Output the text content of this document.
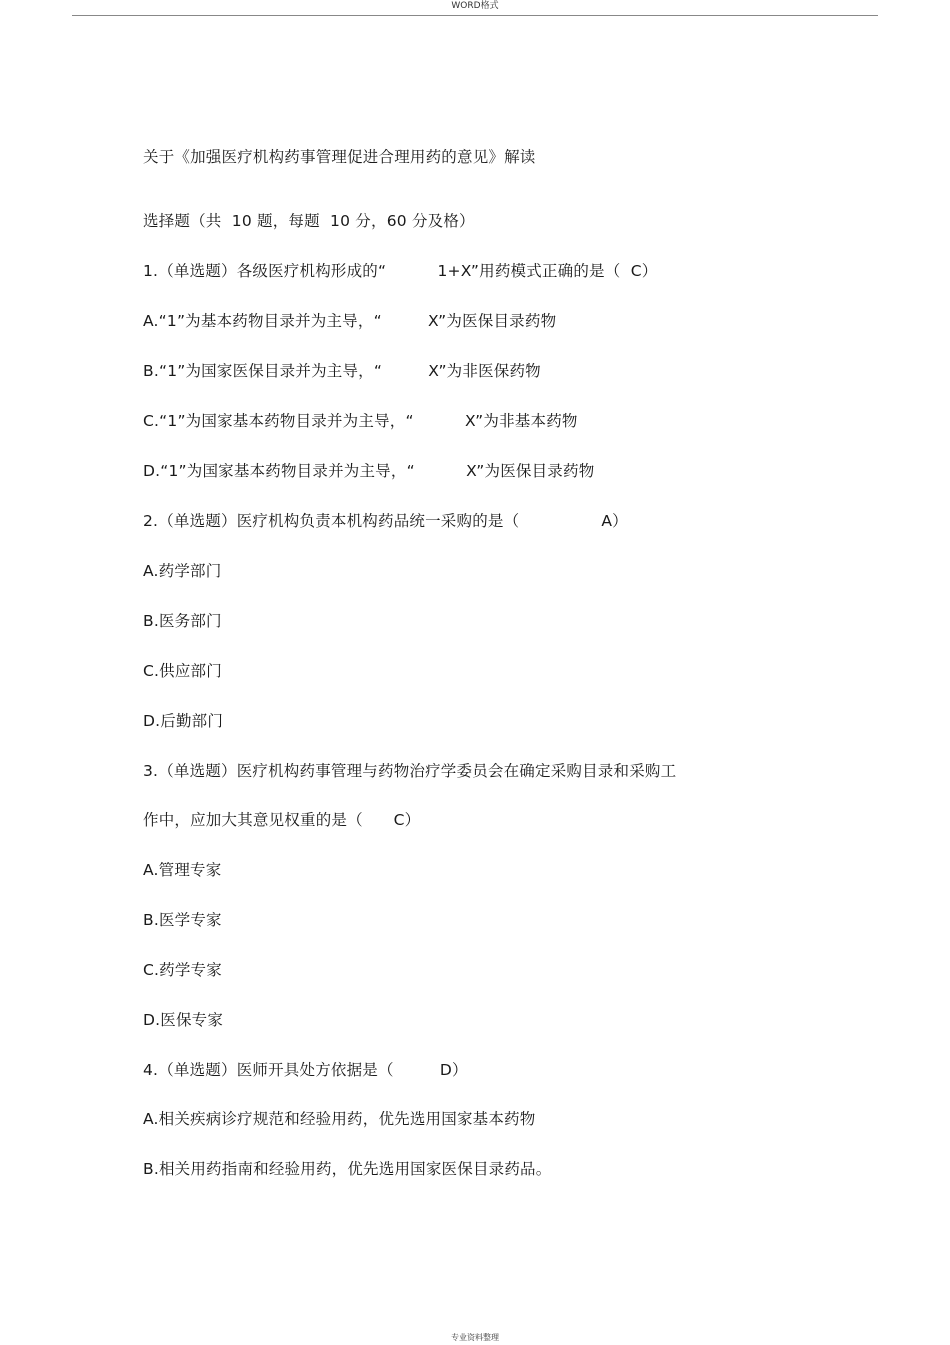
WORD格式
关于《加强医疗机构药事管理促进合理用药的意见》解读
选择题（共  10 题，每题  10 分，60 分及格）
1.（单选题）各级医疗机构形成的“          1+X”用药模式正确的是（  C）
A.“1”为基本药物目录并为主导，“         X”为医保目录药物
B.“1”为国家医保目录并为主导，“         X”为非医保药物
C.“1”为国家基本药物目录并为主导，“          X”为非基本药物
D.“1”为国家基本药物目录并为主导，“          X”为医保目录药物
2.（单选题）医疗机构负责本机构药品统一采购的是（                A）
A.药学部门
B.医务部门
C.供应部门
D.后勤部门
3.（单选题）医疗机构药事管理与药物治疗学委员会在确定采购目录和采购工
作中，应加大其意见权重的是（      C）
A.管理专家
B.医学专家
C.药学专家
D.医保专家
4.（单选题）医师开具处方依据是（         D）
A.相关疾病诊疗规范和经验用药，优先选用国家基本药物
B.相关用药指南和经验用药，优先选用国家医保目录药品。
专业资料整理
